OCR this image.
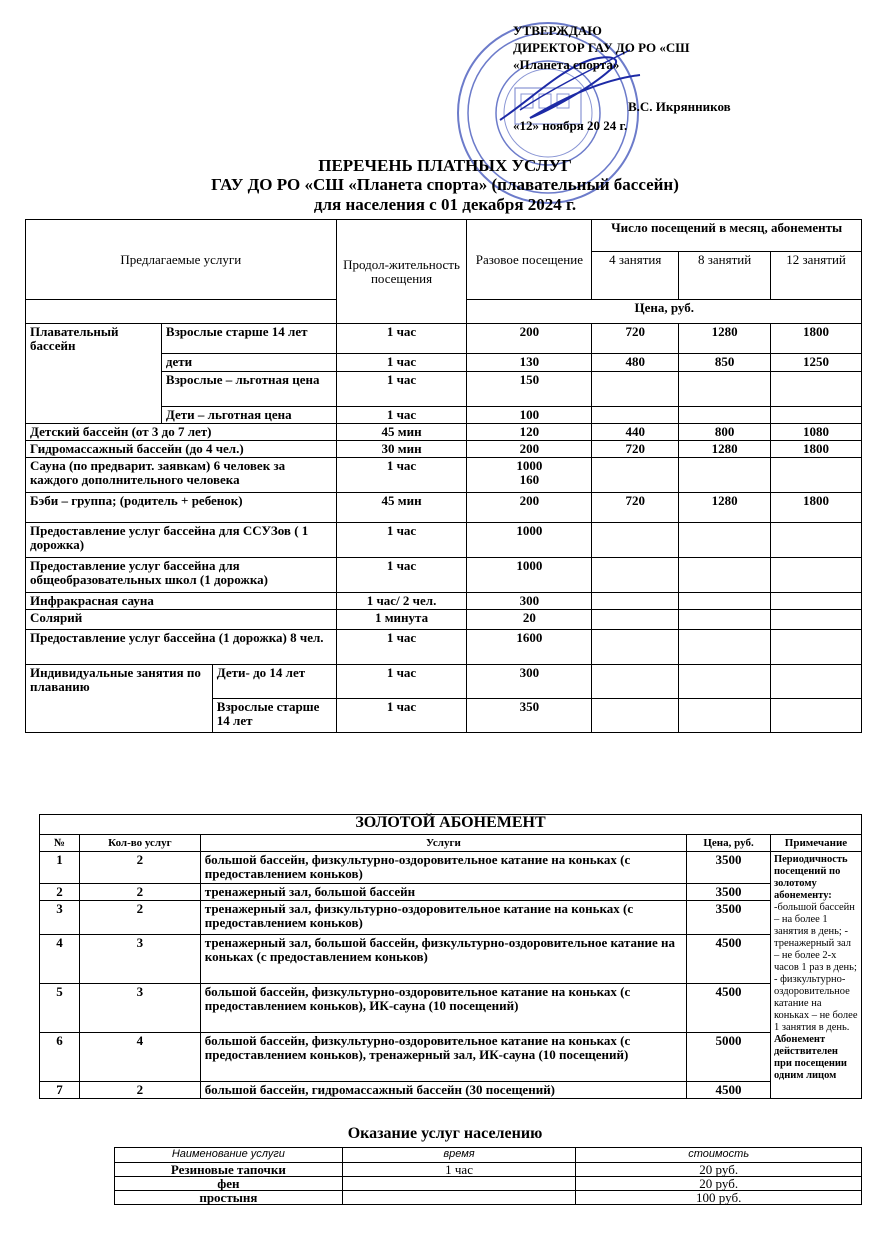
УТВЕРЖДАЮ
ДИРЕКТОР ГАУ ДО РО «СШ
«Планета спорта»
В.С. Икрянников
«12» ноября 20 24 г.
ПЕРЕЧЕНЬ ПЛАТНЫХ УСЛУГ
ГАУ ДО РО «СШ «Планета спорта» (плавательный бассейн)
для населения с 01 декабря 2024 г.
Предлагаемые услуги			Продол-жительность посещения	Разовое посещение	Число посещений в месяц, абонементы		
					4 занятия	8 занятий	12 занятий
				Цена, руб.			
Плавательный бассейн	Взрослые старше 14 лет		1 час	200	720	1280	1800
	дети		1 час	130	480	850	1250
	Взрослые – льготная цена		1 час	150			
	Дети – льготная цена		1 час	100			
Детский бассейн (от 3 до 7 лет)			45 мин	120	440	800	1080
Гидромассажный бассейн (до 4 чел.)			30 мин	200	720	1280	1800
Сауна (по предварит. заявкам) 6 человек за каждого дополнительного человека			1 час	1000
160			
Бэби – группа; (родитель + ребенок)			45 мин	200	720	1280	1800
Предоставление услуг бассейна для ССУЗов ( 1 дорожка)			1 час	1000			
Предоставление услуг бассейна для общеобразовательных школ (1 дорожка)			1 час	1000			
Инфракрасная сауна			1 час/ 2 чел.	300			
Солярий			1 минута	20			
Предоставление услуг бассейна (1 дорожка) 8 чел.			1 час	1600			
Индивидуальные занятия по плаванию		Дети- до 14 лет	1 час	300			
		Взрослые старше 14 лет	1 час	350			
ЗОЛОТОЙ АБОНЕМЕНТ				
№	Кол-во услуг	Услуги	Цена, руб.	Примечание
1	2	большой бассейн, физкультурно-оздоровительное катание на коньках (с предоставлением коньков)	3500	Периодичность посещений по золотому абонементу:
-большой бассейн – на более 1 занятия в день; - тренажерный зал – не более 2-х часов 1 раз в день; - физкультурно-оздоровительное катание на коньках – не более 1 занятия в день.
Абонемент действителен при посещении одним лицом
2	2	тренажерный зал, большой бассейн	3500	
3	2	тренажерный зал, физкультурно-оздоровительное катание на коньках (с предоставлением коньков)	3500	
4	3	тренажерный зал, большой бассейн, физкультурно-оздоровительное катание на коньках (с предоставлением коньков)	4500	
5	3	большой бассейн, физкультурно-оздоровительное катание на коньках (с предоставлением коньков), ИК-сауна (10 посещений)	4500	
6	4	большой бассейн, физкультурно-оздоровительное катание на коньках (с предоставлением коньков), тренажерный зал, ИК-сауна (10 посещений)	5000	
7	2	большой бассейн, гидромассажный бассейн (30 посещений)	4500	
Оказание услуг населению
Наименование услуги	время	стоимость
Резиновые тапочки	1 час	20 руб.
фен		20 руб.
простыня		100 руб.
